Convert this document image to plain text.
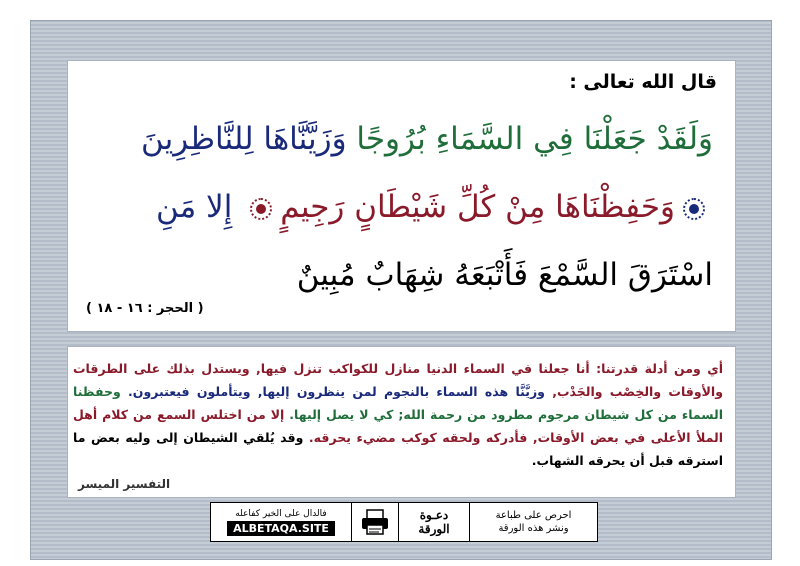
قال الله تعالى :
وَلَقَدْ جَعَلْنَا فِي السَّمَاءِ بُرُوجًا وَزَيَّنَّاهَا لِلنَّاظِرِينَ
وَحَفِظْنَاهَا مِنْ كُلِّ شَيْطَانٍ رَجِيمٍ إِلا مَنِ
اسْتَرَقَ السَّمْعَ فَأَتْبَعَهُ شِهَابٌ مُبِينٌ
( الحجر : ١٦ - ١٨ )
أي ومن أدلة قدرتنا: أنا جعلنا في السماء الدنيا منازل للكواكب تنزل فيها, ويستدل بذلك على الطرقات والأوقات والخِصْب والجَدْب, وزيَّنَّا هذه السماء بالنجوم لمن ينظرون إليها, ويتأملون فيعتبرون. وحفظنا السماء من كل شيطان مرجوم مطرود من رحمة الله; كي لا يصل إليها. إلا من اختلس السمع من كلام أهل الملأ الأعلى في بعض الأوقات, فأدركه ولحقه كوكب مضيء يحرقه. وقد يُلقي الشيطان إلى وليه بعض ما استرقه قبل أن يحرقه الشهاب.
التفسير الميسر
فالدال على الخير كفاعله
ALBETAQA.SITE
دعـوة
الورقة
احرص على طباعة
ونشر هذه الورقة
